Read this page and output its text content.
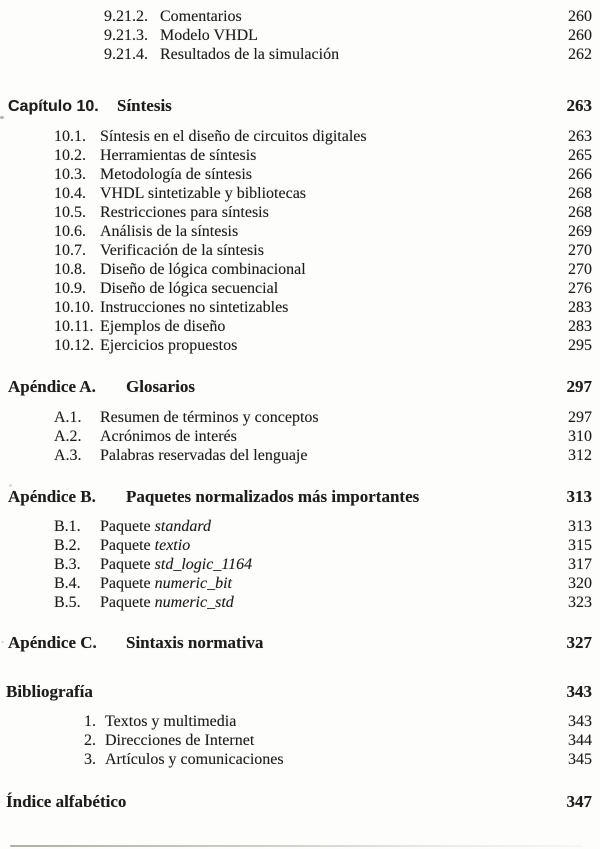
9.21.2. Comentarios	260
9.21.3. Modelo VHDL	260
9.21.4. Resultados de la simulación	262
Capítulo 10.	Síntesis	263
10.1. Síntesis en el diseño de circuitos digitales	263
10.2. Herramientas de síntesis	265
10.3. Metodología de síntesis	266
10.4. VHDL sintetizable y bibliotecas	268
10.5. Restricciones para síntesis	268
10.6. Análisis de la síntesis	269
10.7. Verificación de la síntesis	270
10.8. Diseño de lógica combinacional	270
10.9. Diseño de lógica secuencial	276
10.10. Instrucciones no sintetizables	283
10.11. Ejemplos de diseño	283
10.12. Ejercicios propuestos	295
Apéndice A.	Glosarios	297
A.1.	Resumen de términos y conceptos	297
A.2.	Acrónimos de interés	310
A.3.	Palabras reservadas del lenguaje	312
Apéndice B.	Paquetes normalizados más importantes	313
B.1.	Paquete standard	313
B.2.	Paquete textio	315
B.3.	Paquete std_logic_1164	317
B.4.	Paquete numeric_bit	320
B.5.	Paquete numeric_std	323
Apéndice C.	Sintaxis normativa	327
Bibliografía	343
1. Textos y multimedia	343
2. Direcciones de Internet	344
3. Artículos y comunicaciones	345
Índice alfabético	347
